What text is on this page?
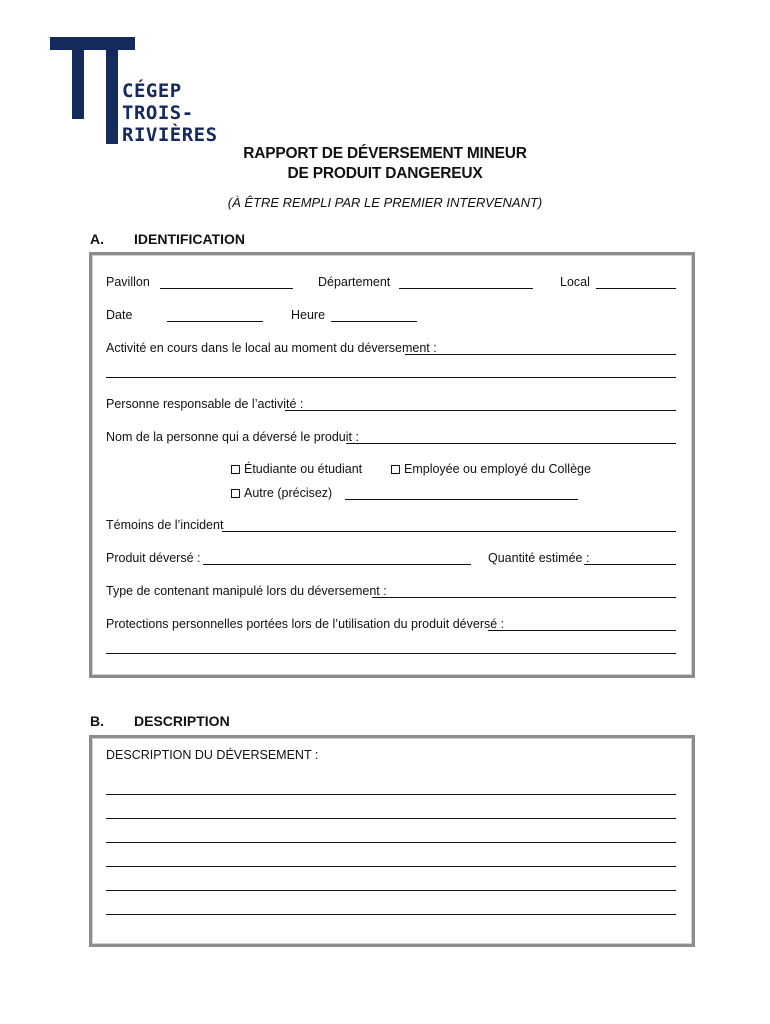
CÉGEP
TROIS-
RIVIÈRES
RAPPORT DE DÉVERSEMENT MINEUR
DE PRODUIT DANGEREUX
(À ÊTRE REMPLI PAR LE PREMIER INTERVENANT)
A. IDENTIFICATION
Pavillon	Département	Local
Date	Heure
Activité en cours dans le local au moment du déversement :
Personne responsable de l’activité :
Nom de la personne qui a déversé le produit :
Étudiante ou étudiant	Employée ou employé du Collège
Autre (précisez)
Témoins de l’incident
Produit déversé :	Quantité estimée :
Type de contenant manipulé lors du déversement :
Protections personnelles portées lors de l’utilisation du produit déversé :
B. DESCRIPTION
DESCRIPTION DU DÉVERSEMENT :
